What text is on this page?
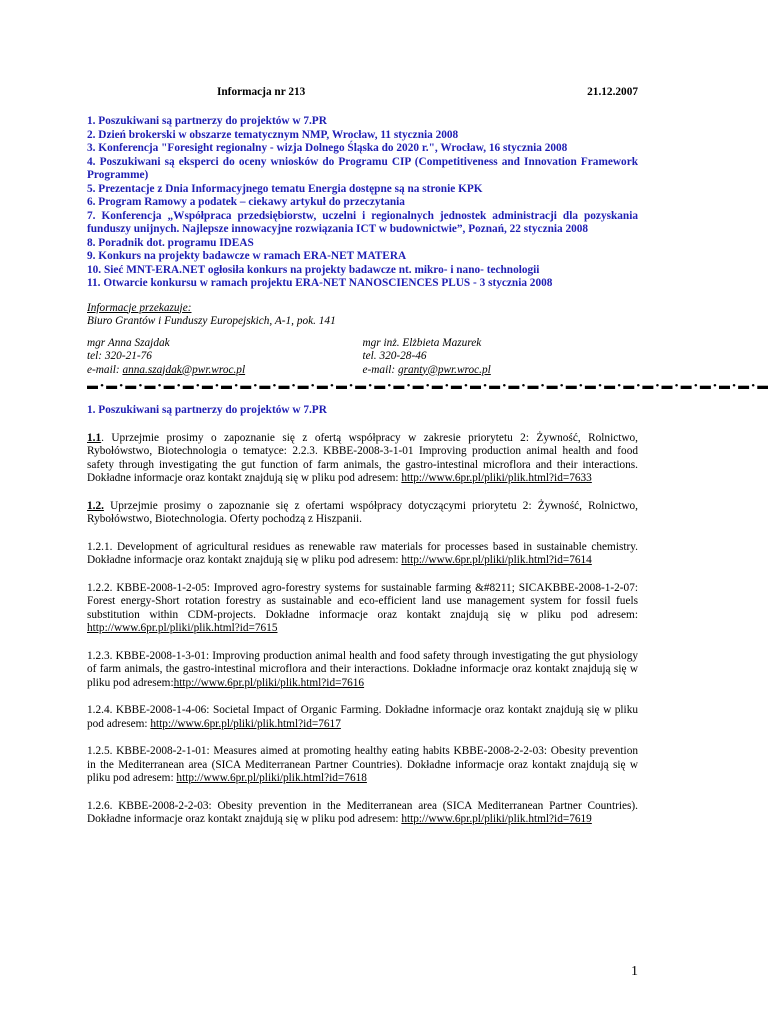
Informacja nr 213	21.12.2007
1. Poszukiwani są partnerzy do projektów w 7.PR
2. Dzień brokerski w obszarze tematycznym NMP, Wrocław, 11 stycznia 2008
3. Konferencja "Foresight regionalny - wizja Dolnego Śląska do 2020 r.", Wrocław, 16 stycznia 2008
4. Poszukiwani są eksperci do oceny wniosków do Programu CIP (Competitiveness and Innovation Framework Programme)
5. Prezentacje z Dnia Informacyjnego tematu Energia dostępne są na stronie KPK
6. Program Ramowy a podatek – ciekawy artykuł do przeczytania
7. Konferencja „Współpraca przedsiębiorstw, uczelni i regionalnych jednostek administracji dla pozyskania funduszy unijnych. Najlepsze innowacyjne rozwiązania ICT w budownictwie”, Poznań, 22 stycznia 2008
8. Poradnik dot. programu IDEAS
9. Konkurs na projekty badawcze w ramach ERA-NET MATERA
10. Sieć MNT-ERA.NET ogłosiła konkurs na projekty badawcze nt. mikro- i nano- technologii
11. Otwarcie konkursu w ramach projektu ERA-NET NANOSCIENCES PLUS - 3 stycznia 2008
Informacje przekazuje:
Biuro Grantów i Funduszy Europejskich, A-1, pok. 141
mgr Anna Szajdak
tel: 320-21-76
e-mail: anna.szajdak@pwr.wroc.pl
mgr inż. Elżbieta Mazurek
tel. 320-28-46
e-mail: granty@pwr.wroc.pl
▬ • ▬ • ▬ • ▬ • ▬ • ▬ • ▬ • ▬ • ▬ • ▬ • ▬ • ▬ • ▬ • ▬ • ▬ • ▬ • ▬ • ▬ • ▬ • ▬ • ▬ • ▬ • ▬ • ▬ • ▬ • ▬ • ▬ • ▬ • ▬ • ▬ • ▬ • ▬ • ▬ • ▬ • ▬ • ▬
1. Poszukiwani są partnerzy do projektów w 7.PR
1.1. Uprzejmie prosimy o zapoznanie się z ofertą współpracy w zakresie priorytetu 2: Żywność, Rolnictwo, Rybołówstwo, Biotechnologia o tematyce: 2.2.3. KBBE-2008-3-1-01 Improving production animal health and food safety through investigating the gut function of farm animals, the gastro-intestinal microflora and their interactions. Dokładne informacje oraz kontakt znajdują się w pliku pod adresem: http://www.6pr.pl/pliki/plik.html?id=7633
1.2. Uprzejmie prosimy o zapoznanie się z ofertami współpracy dotyczącymi priorytetu 2: Żywność, Rolnictwo, Rybołówstwo, Biotechnologia. Oferty pochodzą z Hiszpanii.
1.2.1. Development of agricultural residues as renewable raw materials for processes based in sustainable chemistry. Dokładne informacje oraz kontakt znajdują się w pliku pod adresem: http://www.6pr.pl/pliki/plik.html?id=7614
1.2.2. KBBE-2008-1-2-05: Improved agro-forestry systems for sustainable farming &#8211; SICAKBBE-2008-1-2-07: Forest energy-Short rotation forestry as sustainable and eco-efficient land use management system for fossil fuels substitution within CDM-projects. Dokładne informacje oraz kontakt znajdują się w pliku pod adresem: http://www.6pr.pl/pliki/plik.html?id=7615
1.2.3. KBBE-2008-1-3-01: Improving production animal health and food safety through investigating the gut physiology of farm animals, the gastro-intestinal microflora and their interactions. Dokładne informacje oraz kontakt znajdują się w pliku pod adresem:http://www.6pr.pl/pliki/plik.html?id=7616
1.2.4. KBBE-2008-1-4-06: Societal Impact of Organic Farming. Dokładne informacje oraz kontakt znajdują się w pliku pod adresem: http://www.6pr.pl/pliki/plik.html?id=7617
1.2.5. KBBE-2008-2-1-01: Measures aimed at promoting healthy eating habits KBBE-2008-2-2-03: Obesity prevention in the Mediterranean area (SICA Mediterranean Partner Countries). Dokładne informacje oraz kontakt znajdują się w pliku pod adresem: http://www.6pr.pl/pliki/plik.html?id=7618
1.2.6. KBBE-2008-2-2-03: Obesity prevention in the Mediterranean area (SICA Mediterranean Partner Countries). Dokładne informacje oraz kontakt znajdują się w pliku pod adresem: http://www.6pr.pl/pliki/plik.html?id=7619
1
